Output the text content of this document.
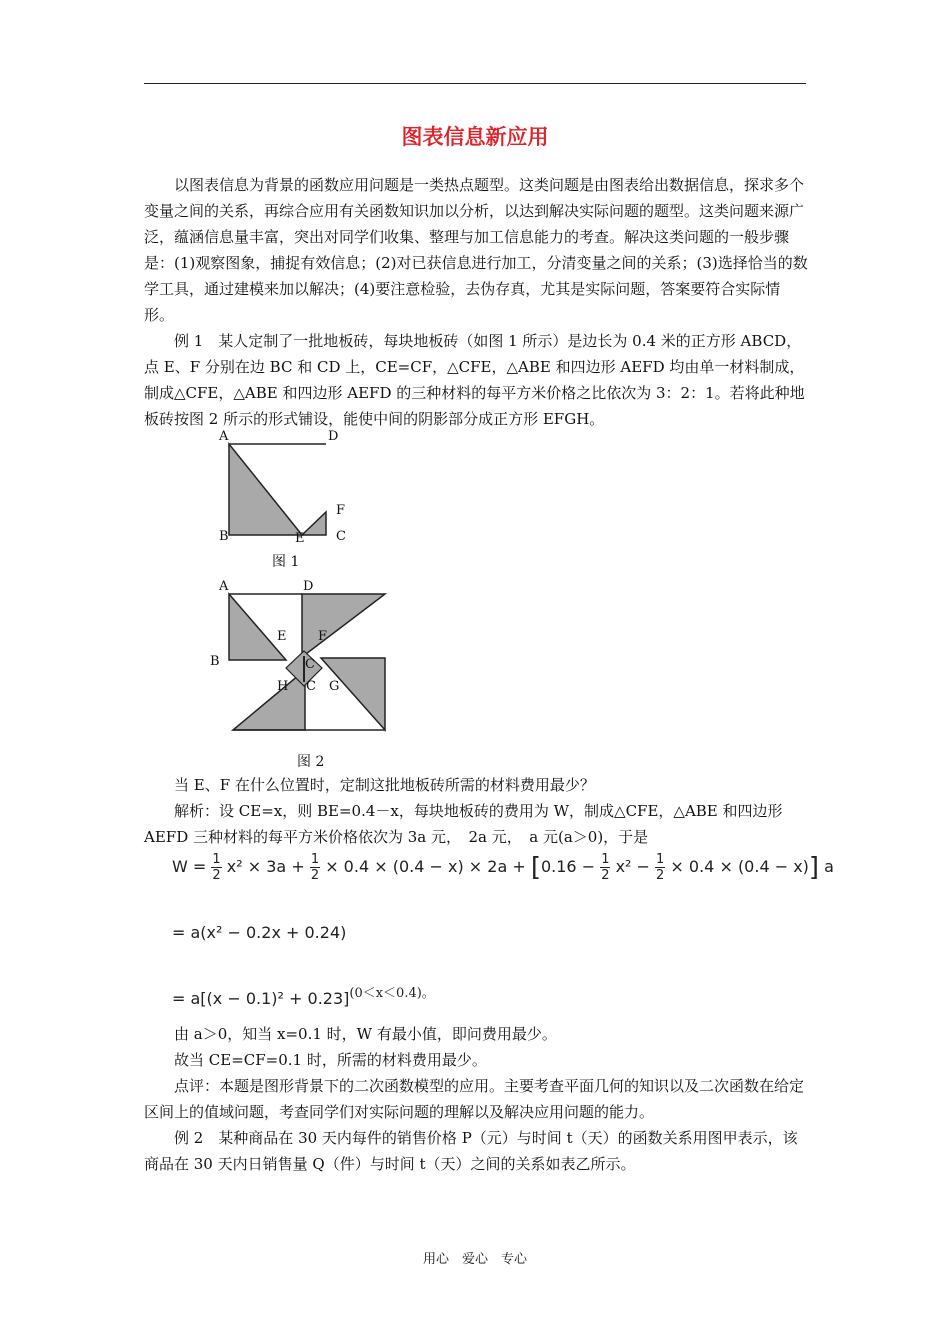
图表信息新应用

以图表信息为背景的函数应用问题是一类热点题型。这类问题是由图表给出数据信息，探求多个变量之间的关系，再综合应用有关函数知识加以分析，以达到解决实际问题的题型。这类问题来源广泛，蕴涵信息量丰富，突出对同学们收集、整理与加工信息能力的考查。解决这类问题的一般步骤是：(1)观察图象，捕捉有效信息；(2)对已获信息进行加工，分清变量之间的关系；(3)选择恰当的数学工具，通过建模来加以解决；(4)要注意检验，去伪存真，尤其是实际问题，答案要符合实际情形。

例 1　某人定制了一批地板砖，每块地板砖（如图 1 所示）是边长为 0.4 米的正方形 ABCD，点 E、F 分别在边 BC 和 CD 上，CE=CF，△CFE，△ABE 和四边形 AEFD 均由单一材料制成，制成△CFE，△ABE 和四边形 AEFD 的三种材料的每平方米价格之比依次为 3：2：1。若将此种地板砖按图 2 所示的形式铺设，能使中间的阴影部分成正方形 EFGH。

A	D
F
B	E C
图 1
A	D
E F
B	C
H C G
图 2

当 E、F 在什么位置时，定制这批地板砖所需的材料费用最少？

解析：设 CE=x，则 BE=0.4－x，每块地板砖的费用为 W，制成△CFE，△ABE 和四边形 AEFD 三种材料的每平方米价格依次为 3a 元，　2a 元，　a 元(a＞0)，于是

$W = \frac{1}{2} x^2 \times 3a + \frac{1}{2} \times 0.4 \times (0.4 - x) \times 2a + [0.16 - \frac{1}{2} x^2 - \frac{1}{2} \times 0.4 \times (0.4 - x)]$ a
= a(x² − 0.2x + 0.24)
= $a[(x - 0.1)^2 + 0.23]^{(0<x<0.4)。}$

由 a＞0，知当 x=0.1 时，W 有最小值，即问费用最少。

故当 CE=CF=0.1 时，所需的材料费用最少。

点评：本题是图形背景下的二次函数模型的应用。主要考查平面几何的知识以及二次函数在给定区间上的值域问题，考查同学们对实际问题的理解以及解决应用问题的能力。

例 2　某种商品在 30 天内每件的销售价格 P（元）与时间 t（天）的函数关系用图甲表示，该商品在 30 天内日销售量 Q（件）与时间 t（天）之间的关系如表乙所示。

用心　爱心　专心
